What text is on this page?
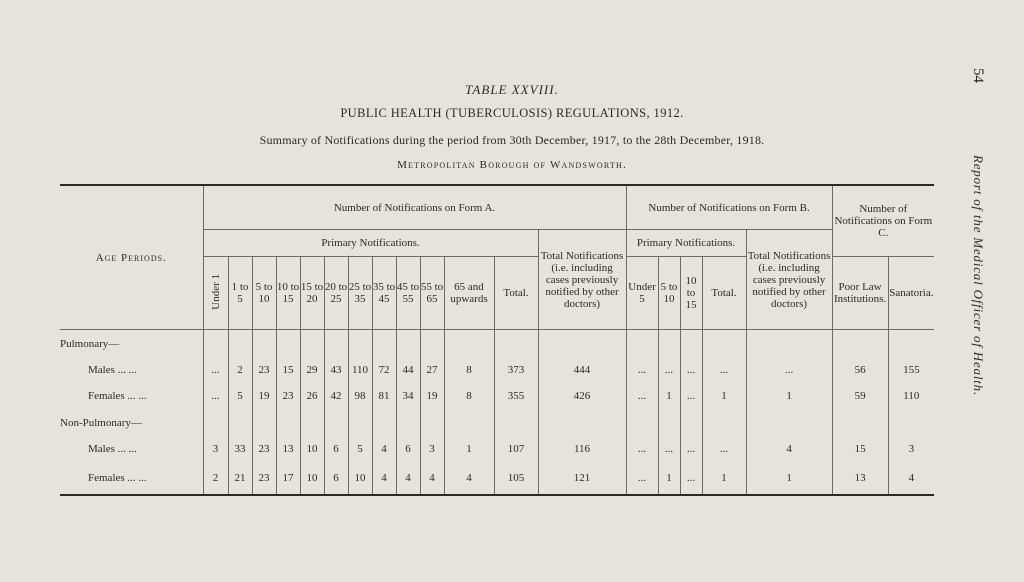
TABLE XXVIII.
PUBLIC HEALTH (TUBERCULOSIS) REGULATIONS, 1912.
Summary of Notifications during the period from 30th December, 1917, to the 28th December, 1918.
Metropolitan Borough of Wandsworth.
54
Report of the Medical Officer of Health.
Age Periods.	Number of Notifications on Form A.													Number of Notifications on Form B.					Number of Notifications on Form C.	
	Primary Notifications.												Total Notifications (i.e. including cases previously notified by other doctors)	Primary Notifications.				Total Notifications (i.e. including cases previously notified by other doctors)		
	Under 1	1 to 5	5 to 10	10 to 15	15 to 20	20 to 25	25 to 35	35 to 45	45 to 55	55 to 65	65 and upwards	Total.		Under 5	5 to 10	10 to 15	Total.		Poor Law Institutions.	Sanatoria.
Pulmonary—																				
Males ... ...	...	2	23	15	29	43	110	72	44	27	8	373	444	...	...	...	...	...	56	155
Females ... ...	...	5	19	23	26	42	98	81	34	19	8	355	426	...	1	...	1	1	59	110
Non-Pulmonary—																				
Males ... ...	3	33	23	13	10	6	5	4	6	3	1	107	116	...	...	...	...	4	15	3
Females ... ...	2	21	23	17	10	6	10	4	4	4	4	105	121	...	1	...	1	1	13	4
